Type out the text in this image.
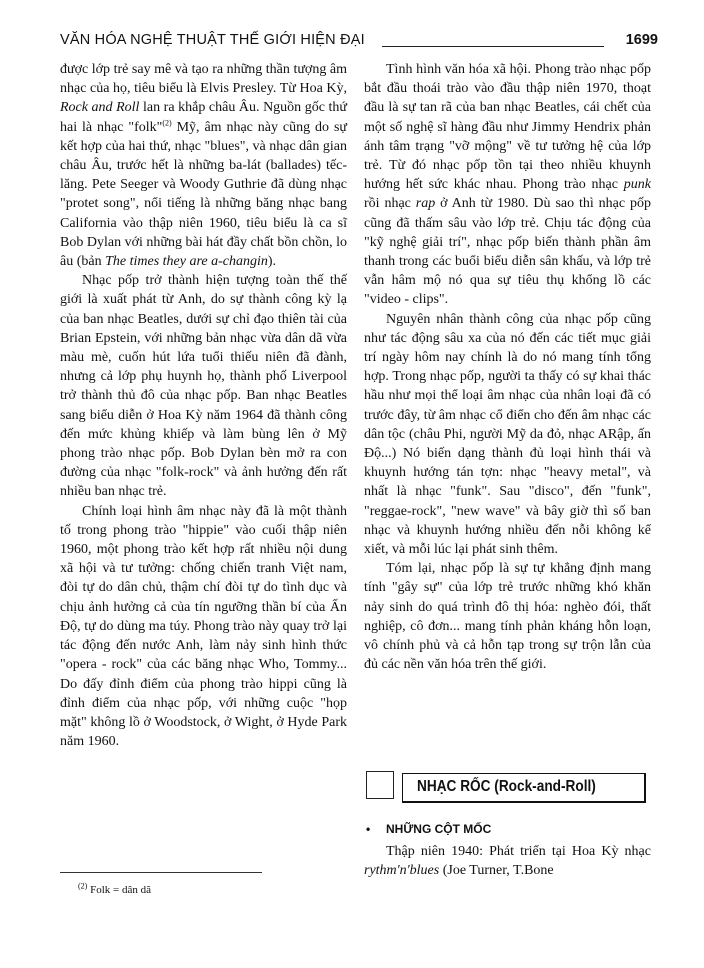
VĂN HÓA NGHỆ THUẬT THẾ GIỚI HIỆN ĐẠI	1699

được lớp trẻ say mê và tạo ra những thần tượng âm nhạc của họ, tiêu biểu là Elvis Presley. Từ Hoa Kỳ, Rock and Roll lan ra khắp châu Âu. Nguồn gốc thứ hai là nhạc "folk"$^{(2)}$ Mỹ, âm nhạc này cũng do sự kết hợp của hai thứ, nhạc "blues", và nhạc dân gian châu Âu, trước hết là những ba-lát (ballades) tếc-lăng. Pete Seeger và Woody Guthrie đã dùng nhạc "protet song", nổi tiếng là những băng nhạc bang California vào thập niên 1960, tiêu biểu là ca sĩ Bob Dylan với những bài hát đầy chất bồn chồn, lo âu (bản The times they are a-changin).

Nhạc pốp trở thành hiện tượng toàn thế thế giới là xuất phát từ Anh, do sự thành công kỳ lạ của ban nhạc Beatles, dưới sự chỉ đạo thiên tài của Brian Epstein, với những bản nhạc vừa dân dã vừa màu mè, cuốn hút lứa tuổi thiếu niên đã đành, nhưng cả lớp phụ huynh họ, thành phố Liverpool trở thành thủ đô của nhạc pốp. Ban nhạc Beatles sang biểu diễn ở Hoa Kỳ năm 1964 đã thành công đến mức khủng khiếp và làm bùng lên ở Mỹ phong trào nhạc pốp. Bob Dylan bèn mở ra con đường của nhạc "folk-rock" và ảnh hưởng đến rất nhiều ban nhạc trẻ.

Chính loại hình âm nhạc này đã là một thành tố trong phong trào "hippie" vào cuối thập niên 1960, một phong trào kết hợp rất nhiều nội dung xã hội và tư tưởng: chống chiến tranh Việt nam, đòi tự do dân chủ, thậm chí đòi tự do tình dục và chịu ảnh hưởng cả của tín ngưỡng thần bí của Ấn Độ, tự do dùng ma túy. Phong trào này quay trở lại tác động đến nước Anh, làm nảy sinh hình thức "opera - rock" của các băng nhạc Who, Tommy... Do đấy đỉnh điểm của phong trào hippi cũng là đỉnh điểm của nhạc pốp, với những cuộc "họp mặt" không lồ ở Woodstock, ở Wight, ở Hyde Park năm 1960.

$^{(2)}$ Folk = dân dã

Tình hình văn hóa xã hội. Phong trào nhạc pốp bắt đầu thoái trào vào đầu thập niên 1970, thoạt đầu là sự tan rã của ban nhạc Beatles, cái chết của một số nghệ sĩ hàng đầu như Jimmy Hendrix phản ánh tâm trạng "vỡ mộng" về tư tưởng hệ của lớp trẻ. Từ đó nhạc pốp tồn tại theo nhiều khuynh hướng hết sức khác nhau. Phong trào nhạc punk rồi nhạc rap ở Anh từ 1980. Dù sao thì nhạc pốp cũng đã thấm sâu vào lớp trẻ. Chịu tác động của "kỹ nghệ giải trí", nhạc pốp biến thành phần âm thanh trong các buổi biểu diễn sân khấu, và lớp trẻ vẫn hâm mộ nó qua sự tiêu thụ khổng lồ các "video - clips".

Nguyên nhân thành công của nhạc pốp cũng như tác động sâu xa của nó đến các tiết mục giải trí ngày hôm nay chính là do nó mang tính tổng hợp. Trong nhạc pốp, người ta thấy có sự khai thác hầu như mọi thể loại âm nhạc của nhân loại đã có trước đây, từ âm nhạc cổ điển cho đến âm nhạc các dân tộc (châu Phi, người Mỹ da đỏ, nhạc ARập, ấn Độ...) Nó biến dạng thành đủ loại hình thái và khuynh hướng tán tợn: nhạc "heavy metal", và nhất là nhạc "funk". Sau "disco", đến "funk", "reggae-rock", "new wave" và bây giờ thì số ban nhạc và khuynh hướng nhiều đến nỗi không kể xiết, và mỗi lúc lại phát sinh thêm.

Tóm lại, nhạc pốp là sự tự khẳng định mang tính "gây sự" của lớp trẻ trước những khó khăn nảy sinh do quá trình đô thị hóa: nghèo đói, thất nghiệp, cô đơn... mang tính phản kháng hỗn loạn, vô chính phủ và cả hỗn tạp trong sự trộn lẫn của đủ các nền văn hóa trên thế giới.

NHẠC RỐC (Rock-and-Roll)
• NHỮNG CỘT MỐC

Thập niên 1940: Phát triển tại Hoa Kỳ nhạc rythm'n'blues (Joe Turner, T.Bone
